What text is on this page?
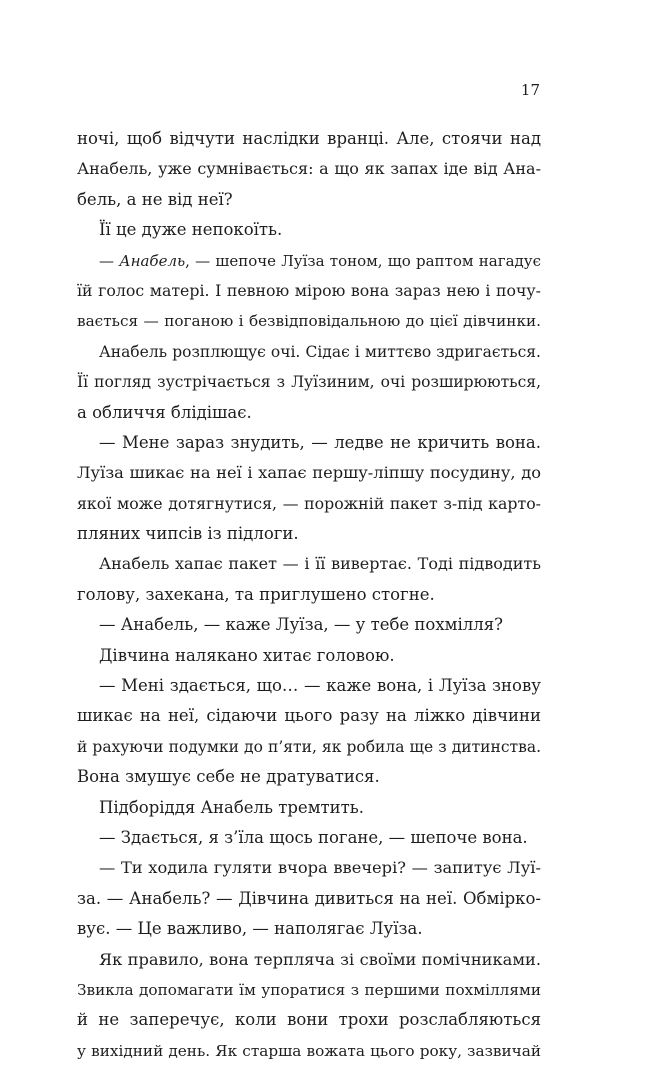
17
ночі, щоб відчути наслідки вранці. Але, стоячи над
Анабель, уже сумнівається: а що як запах іде від Ана-
бель, а не від неї?
Її це дуже непокоїть.
— Анабель, — шепоче Луїза тоном, що раптом нагадує
їй голос матері. І певною мірою вона зараз нею і почу-
вається — поганою і безвідповідальною до цієї дівчинки.
Анабель розплющує очі. Сідає і миттєво здригається.
Її погляд зустрічається з Луїзиним, очі розширюються,
а обличчя блідішає.
— Мене зараз знудить, — ледве не кричить вона.
Луїза шикає на неї і хапає першу-ліпшу посудину, до
якої може дотягнутися, — порожній пакет з-під карто-
пляних чипсів із підлоги.
Анабель хапає пакет — і її вивертає. Тоді підводить
голову, захекана, та приглушено стогне.
— Анабель, — каже Луїза, — у тебе похмілля?
Дівчина налякано хитає головою.
— Мені здається, що… — каже вона, і Луїза знову
шикає на неї, сідаючи цього разу на ліжко дівчини
й рахуючи подумки до п’яти, як робила ще з дитинства.
Вона змушує себе не дратуватися.
Підборіддя Анабель тремтить.
— Здається, я з’їла щось погане, — шепоче вона.
— Ти ходила гуляти вчора ввечері? — запитує Луї-
за. — Анабель? — Дівчина дивиться на неї. Обмірко-
вує. — Це важливо, — наполягає Луїза.
Як правило, вона терпляча зі своїми помічниками.
Звикла допомагати їм упоратися з першими похміллями
й не заперечує, коли вони трохи розслабляються
у вихідний день. Як старша вожата цього року, зазвичай
